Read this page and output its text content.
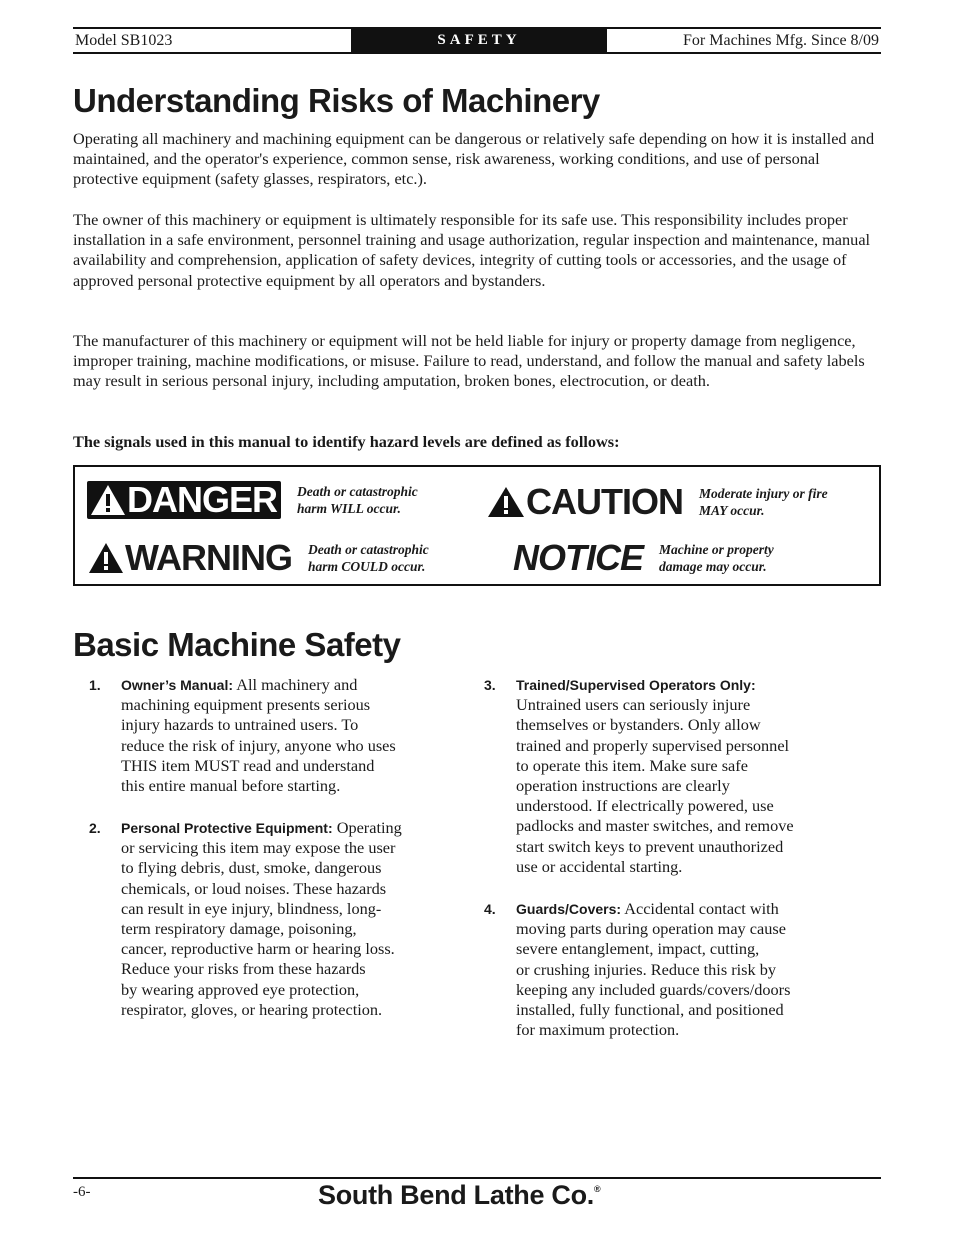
Model SB1023	SAFETY	For Machines Mfg. Since 8/09
Understanding Risks of Machinery

Operating all machinery and machining equipment can be dangerous or relatively safe depending on how it is installed and maintained, and the operator's experience, common sense, risk awareness, working conditions, and use of personal protective equipment (safety glasses, respirators, etc.).

The owner of this machinery or equipment is ultimately responsible for its safe use. This responsibility includes proper installation in a safe environment, personnel training and usage authorization, regular inspection and maintenance, manual availability and comprehension, application of safety devices, integrity of cutting tools or accessories, and the usage of approved personal protective equipment by all operators and bystanders.

The manufacturer of this machinery or equipment will not be held liable for injury or property damage from negligence, improper training, machine modifications, or misuse. Failure to read, understand, and follow the manual and safety labels may result in serious personal injury, including amputation, broken bones, electrocution, or death.

The signals used in this manual to identify hazard levels are defined as follows:

DANGER Death or catastrophic
harm WILL occur.
WARNING Death or catastrophic
harm COULD occur.
CAUTION Moderate injury or fire
MAY occur.
NOTICE Machine or property
damage may occur.
Basic Machine Safety
1. Owner’s Manual: All machinery and
machining equipment presents serious
injury hazards to untrained users. To
reduce the risk of injury, anyone who uses
THIS item MUST read and understand
this entire manual before starting.
2. Personal Protective Equipment: Operating
or servicing this item may expose the user
to flying debris, dust, smoke, dangerous
chemicals, or loud noises. These hazards
can result in eye injury, blindness, long-
term respiratory damage, poisoning,
cancer, reproductive harm or hearing loss.
Reduce your risks from these hazards
by wearing approved eye protection,
respirator, gloves, or hearing protection.
3. Trained/Supervised Operators Only:
Untrained users can seriously injure
themselves or bystanders. Only allow
trained and properly supervised personnel
to operate this item. Make sure safe
operation instructions are clearly
understood. If electrically powered, use
padlocks and master switches, and remove
start switch keys to prevent unauthorized
use or accidental starting.
4. Guards/Covers: Accidental contact with
moving parts during operation may cause
severe entanglement, impact, cutting,
or crushing injuries. Reduce this risk by
keeping any included guards/covers/doors
installed, fully functional, and positioned
for maximum protection.
-6-	South Bend Lathe Co.®
